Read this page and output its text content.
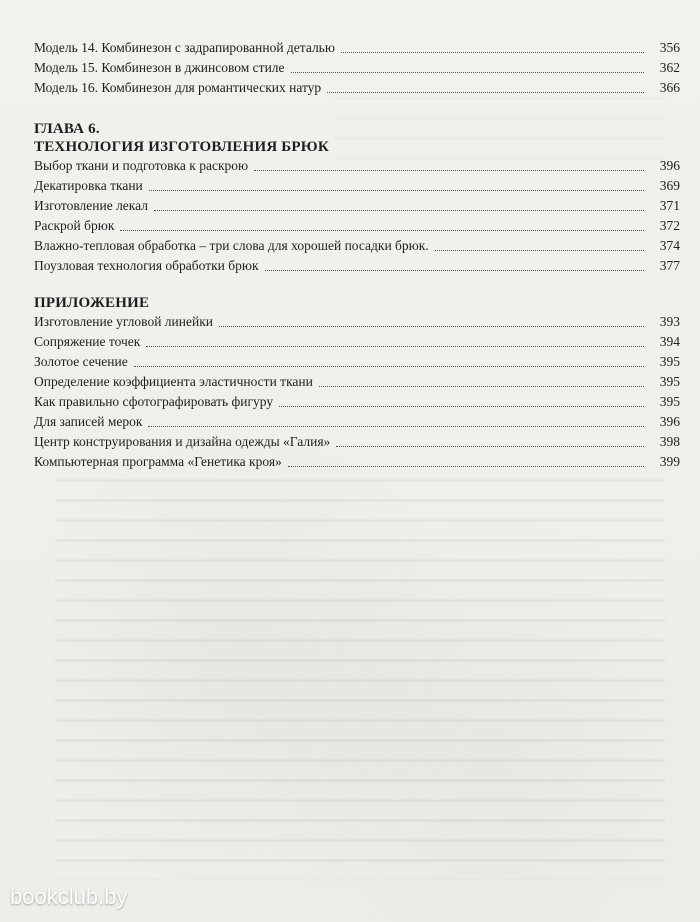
Модель 14. Комбинезон с задрапированной деталью	356
Модель 15. Комбинезон в джинсовом стиле	362
Модель 16. Комбинезон для романтических натур	366
ГЛАВА 6.
ТЕХНОЛОГИЯ ИЗГОТОВЛЕНИЯ БРЮК
Выбор ткани и подготовка к раскрою	396
Декатировка ткани	369
Изготовление лекал	371
Раскрой брюк	372
Влажно-тепловая обработка – три слова для хорошей посадки брюк.	374
Поузловая технология обработки брюк	377
ПРИЛОЖЕНИЕ
Изготовление угловой линейки	393
Сопряжение точек	394
Золотое сечение	395
Определение коэффициента эластичности ткани	395
Как правильно сфотографировать фигуру	395
Для записей мерок	396
Центр конструирования и дизайна одежды «Галия»	398
Компьютерная программа «Генетика кроя»	399
bookclub.by
